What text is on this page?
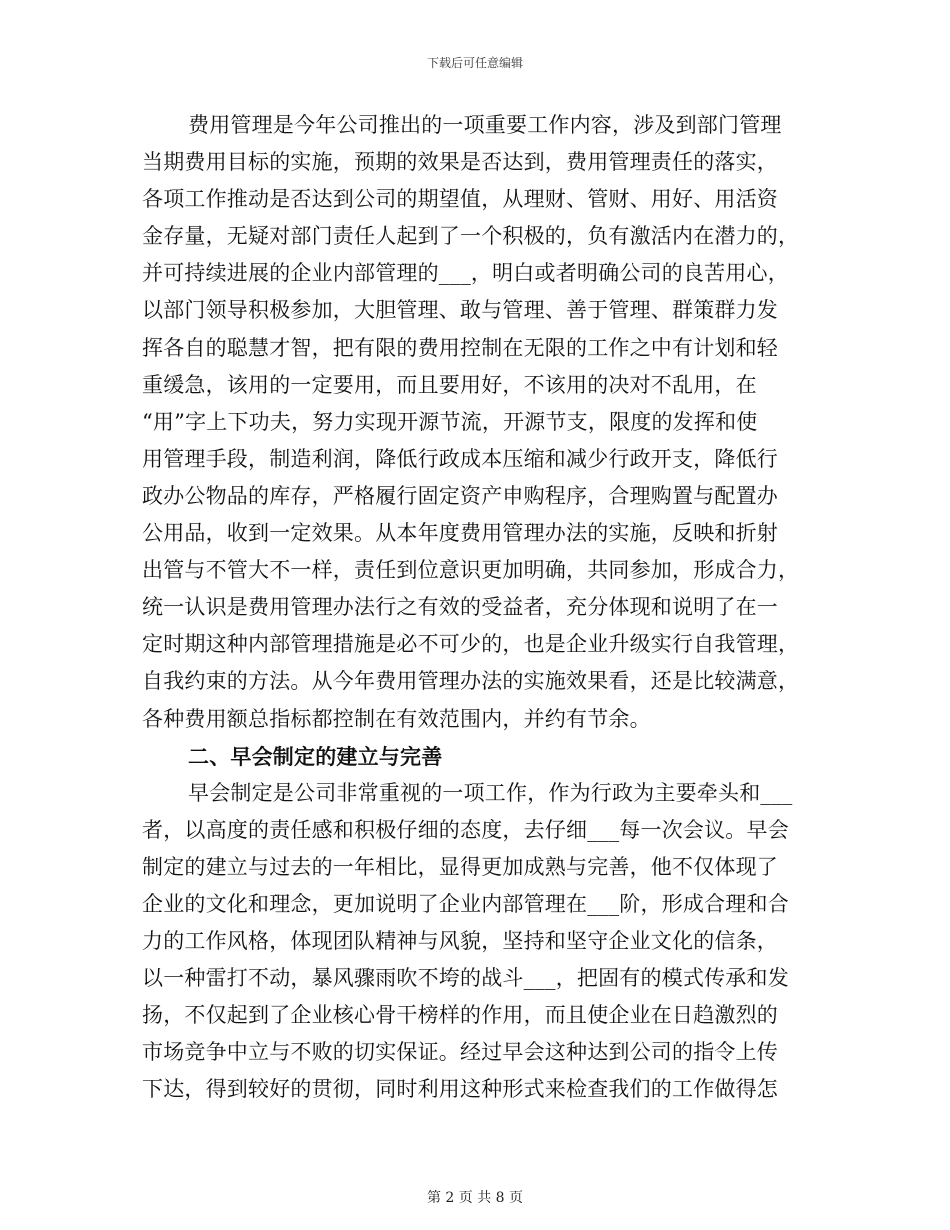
下载后可任意编辑
费用管理是今年公司推出的一项重要工作内容，涉及到部门管理
当期费用目标的实施，预期的效果是否达到，费用管理责任的落实，
各项工作推动是否达到公司的期望值，从理财、管财、用好、用活资
金存量，无疑对部门责任人起到了一个积极的，负有激活内在潜力的，
并可持续进展的企业内部管理的___，明白或者明确公司的良苦用心，
以部门领导积极参加，大胆管理、敢与管理、善于管理、群策群力发
挥各自的聪慧才智，把有限的费用控制在无限的工作之中有计划和轻
重缓急，该用的一定要用，而且要用好，不该用的决对不乱用，在
“用”字上下功夫，努力实现开源节流，开源节支，限度的发挥和使
用管理手段，制造利润，降低行政成本压缩和减少行政开支，降低行
政办公物品的库存，严格履行固定资产申购程序，合理购置与配置办
公用品，收到一定效果。从本年度费用管理办法的实施，反映和折射
出管与不管大不一样，责任到位意识更加明确，共同参加，形成合力，
统一认识是费用管理办法行之有效的受益者，充分体现和说明了在一
定时期这种内部管理措施是必不可少的，也是企业升级实行自我管理，
自我约束的方法。从今年费用管理办法的实施效果看，还是比较满意，
各种费用额总指标都控制在有效范围内，并约有节余。
二、早会制定的建立与完善
早会制定是公司非常重视的一项工作，作为行政为主要牵头和___
者，以高度的责任感和积极仔细的态度，去仔细___每一次会议。早会
制定的建立与过去的一年相比，显得更加成熟与完善，他不仅体现了
企业的文化和理念，更加说明了企业内部管理在___阶，形成合理和合
力的工作风格，体现团队精神与风貌，坚持和坚守企业文化的信条，
以一种雷打不动，暴风骤雨吹不垮的战斗___，把固有的模式传承和发
扬，不仅起到了企业核心骨干榜样的作用，而且使企业在日趋激烈的
市场竞争中立与不败的切实保证。经过早会这种达到公司的指令上传
下达，得到较好的贯彻，同时利用这种形式来检查我们的工作做得怎
第 2 页 共 8 页
